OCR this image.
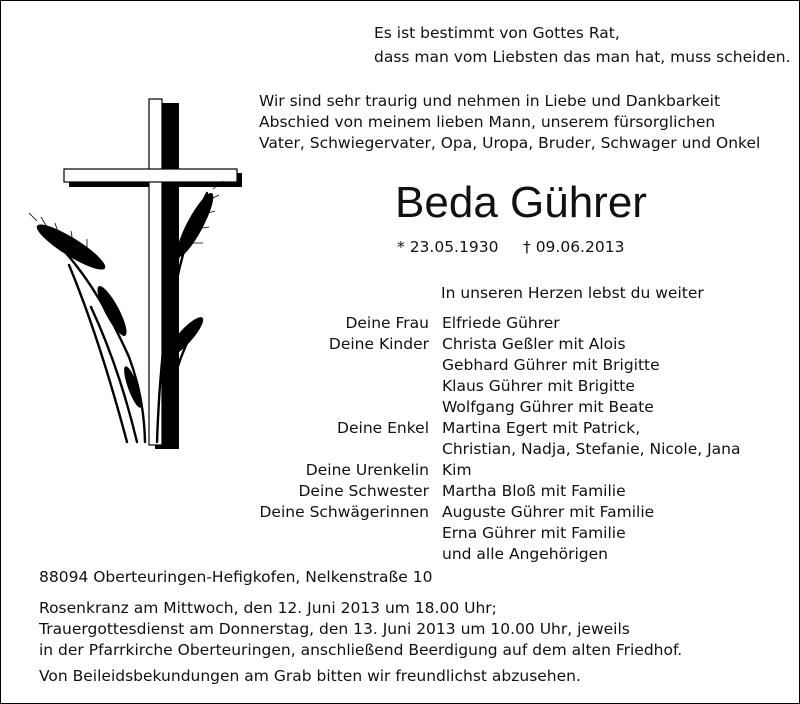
Es ist bestimmt von Gottes Rat,
dass man vom Liebsten das man hat, muss scheiden.
Wir sind sehr traurig und nehmen in Liebe und Dankbarkeit
Abschied von meinem lieben Mann, unserem fürsorglichen
Vater, Schwiegervater, Opa, Uropa, Bruder, Schwager und Onkel
Beda Gührer
* 23.05.1930 † 09.06.2013
In unseren Herzen lebst du weiter
Deine Frau
Deine Kinder
Deine Enkel
Deine Urenkelin
Deine Schwester
Deine Schwägerinnen
Elfriede Gührer
Christa Geßler mit Alois
Gebhard Gührer mit Brigitte
Klaus Gührer mit Brigitte
Wolfgang Gührer mit Beate
Martina Egert mit Patrick,
Christian, Nadja, Stefanie, Nicole, Jana
Kim
Martha Bloß mit Familie
Auguste Gührer mit Familie
Erna Gührer mit Familie
und alle Angehörigen
88094 Oberteuringen-Hefigkofen, Nelkenstraße 10
Rosenkranz am Mittwoch, den 12. Juni 2013 um 18.00 Uhr;
Trauergottesdienst am Donnerstag, den 13. Juni 2013 um 10.00 Uhr, jeweils
in der Pfarrkirche Oberteuringen, anschließend Beerdigung auf dem alten Friedhof.
Von Beileidsbekundungen am Grab bitten wir freundlichst abzusehen.
